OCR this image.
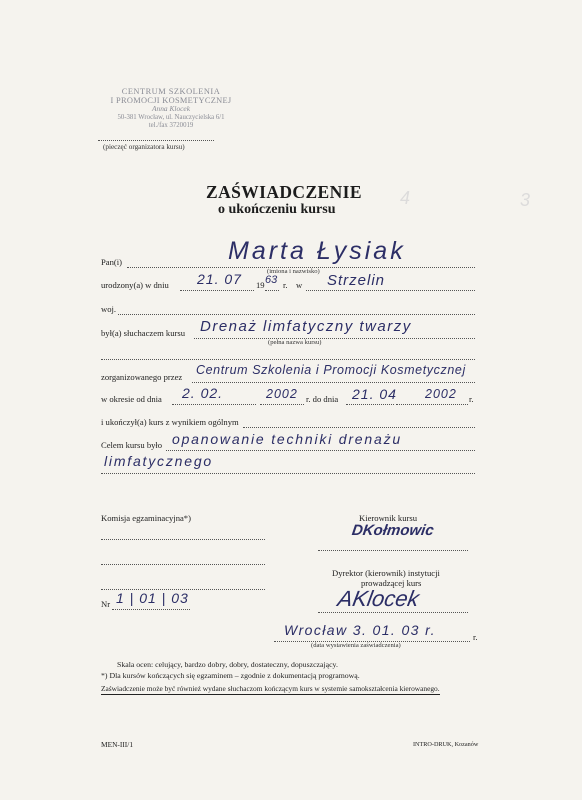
CENTRUM SZKOLENIA
I PROMOCJI KOSMETYCZNEJ
Anna Klocek
50-381 Wrocław, ul. Nauczycielska 6/1
tel./fax 3720019
(pieczęć organizatora kursu)
4	3
ZAŚWIADCZENIE
o ukończeniu kursu
Pan(i)	Marta Łysiak
(imiona i nazwisko)
urodzony(a) w dniu 21. 07 19 63 r. w Strzelin
woj.
był(a) słuchaczem kursu Drenaż limfatyczny twarzy
(pełna nazwa kursu)
zorganizowanego przez Centrum Szkolenia i Promocji Kosmetycznej
w okresie od dnia 2. 02.	2002 r. do dnia 21. 04 2002 r.
i ukończył(a) kurs z wynikiem ogólnym
Celem kursu było opanowanie techniki drenażu
limfatycznego
Komisja egzaminacyjna*)	Kierownik kursu
DKołmowic
Dyrektor (kierownik) instytucji
prowadzącej kurs
AKlocek
Nr 1 | 01 | 03
Wrocław 3. 01. 03 r.	r.
(data wystawienia zaświadczenia)
Skala ocen: celujący, bardzo dobry, dobry, dostateczny, dopuszczający.
*) Dla kursów kończących się egzaminem – zgodnie z dokumentacją programową.
Zaświadczenie może być również wydane słuchaczom kończącym kurs w systemie samokształcenia kierowanego.
MEN-III/1	INTRO-DRUK, Kozanów
